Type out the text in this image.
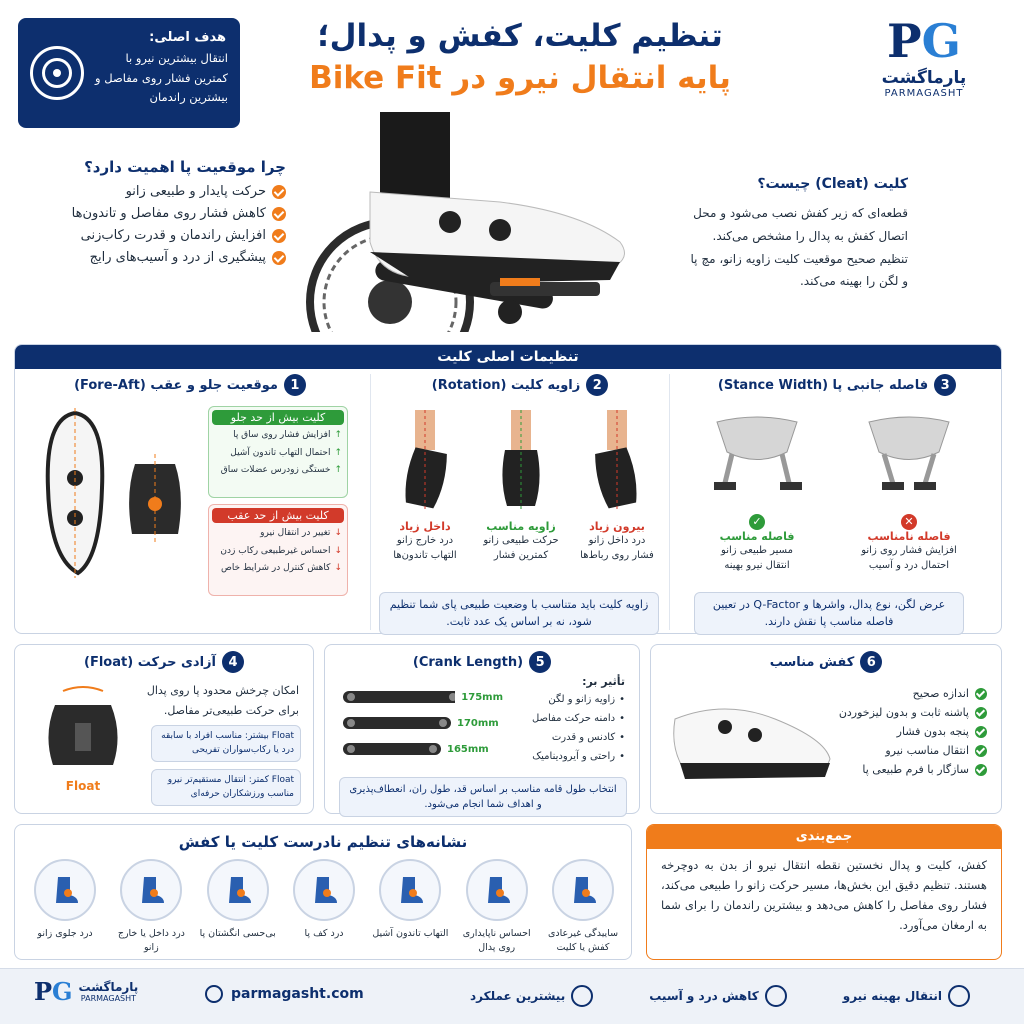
هدف اصلی:
انتقال بیشترین نیرو با کمترین فشار روی مفاصل و بیشترین راندمان
تنظیم کلیت، کفش و پدال؛
پایه انتقال نیرو در Bike Fit
PG
پارماگشت
PARMAGASHT
چرا موقعیت پا اهمیت دارد؟
حرکت پایدار و طبیعی زانو
کاهش فشار روی مفاصل و تاندون‌ها
افزایش راندمان و قدرت رکاب‌زنی
پیشگیری از درد و آسیب‌های رایج
کلیت (Cleat) چیست؟
قطعه‌ای که زیر کفش نصب می‌شود و محل اتصال کفش به پدال را مشخص می‌کند. تنظیم صحیح موقعیت کلیت زاویه زانو، مچ پا و لگن را بهینه می‌کند.
تنظیمات اصلی کلیت
3
فاصله جانبی پا (Stance Width)
✓
فاصله مناسب
مسیر طبیعی زانو
انتقال نیرو بهینه
✕
فاصله نامناسب
افزایش فشار روی زانو
احتمال درد و آسیب
عرض لگن، نوع پدال، واشرها و Q-Factor در تعیین فاصله مناسب پا نقش دارند.
2
زاویه کلیت (Rotation)
داخل زیاد
درد خارج زانو
التهاب تاندون‌ها
زاویه مناسب
حرکت طبیعی زانو
کمترین فشار
بیرون زیاد
درد داخل زانو
فشار روی رباط‌ها
زاویه کلیت باید متناسب با وضعیت طبیعی پای شما تنظیم شود، نه بر اساس یک عدد ثابت.
1
موقعیت جلو و عقب (Fore-Aft)
کلیت بیش از حد جلو
↑
افزایش فشار روی ساق پا
↑
احتمال التهاب تاندون آشیل
↑
خستگی زودرس عضلات ساق
کلیت بیش از حد عقب
↓
تغییر در انتقال نیرو
↓
احساس غیرطبیعی رکاب زدن
↓
کاهش کنترل در شرایط خاص
4
آزادی حرکت (Float)
امکان چرخش محدود پا روی پدال برای حرکت طبیعی‌تر مفاصل.
Float
Float بیشتر: مناسب افراد با سابقه درد یا رکاب‌سواران تفریحی
Float کمتر: انتقال مستقیم‌تر نیرو مناسب ورزشکاران حرفه‌ای
5
(Crank Length)
تأثیر بر:
•
زاویه زانو و لگن
•
دامنه حرکت مفاصل
•
کادنس و قدرت
•
راحتی و آیرودینامیک
175mm
170mm
165mm
انتخاب طول قامه مناسب بر اساس قد، طول ران، انعطاف‌پذیری و اهداف شما انجام می‌شود.
6
کفش مناسب
اندازه صحیح
پاشنه ثابت و بدون لیزخوردن
پنجه بدون فشار
انتقال مناسب نیرو
سازگار با فرم طبیعی پا
نشانه‌های تنظیم نادرست کلیت یا کفش
ساییدگی غیرعادی کفش یا کلیت
احساس ناپایداری روی پدال
التهاب تاندون آشیل
درد کف پا
بی‌حسی انگشتان پا
درد داخل یا خارج زانو
درد جلوی زانو
جمع‌بندی
کفش، کلیت و پدال نخستین نقطه انتقال نیرو از بدن به دوچرخه هستند. تنظیم دقیق این بخش‌ها، مسیر حرکت زانو را طبیعی می‌کند، فشار روی مفاصل را کاهش می‌دهد و بیشترین راندمان را برای شما به ارمغان می‌آورد.
PG پارماگشت
PARMAGASHT	parmagasht.com	بیشترین عملکرد	کاهش درد و آسیب	انتقال بهینه نیرو
